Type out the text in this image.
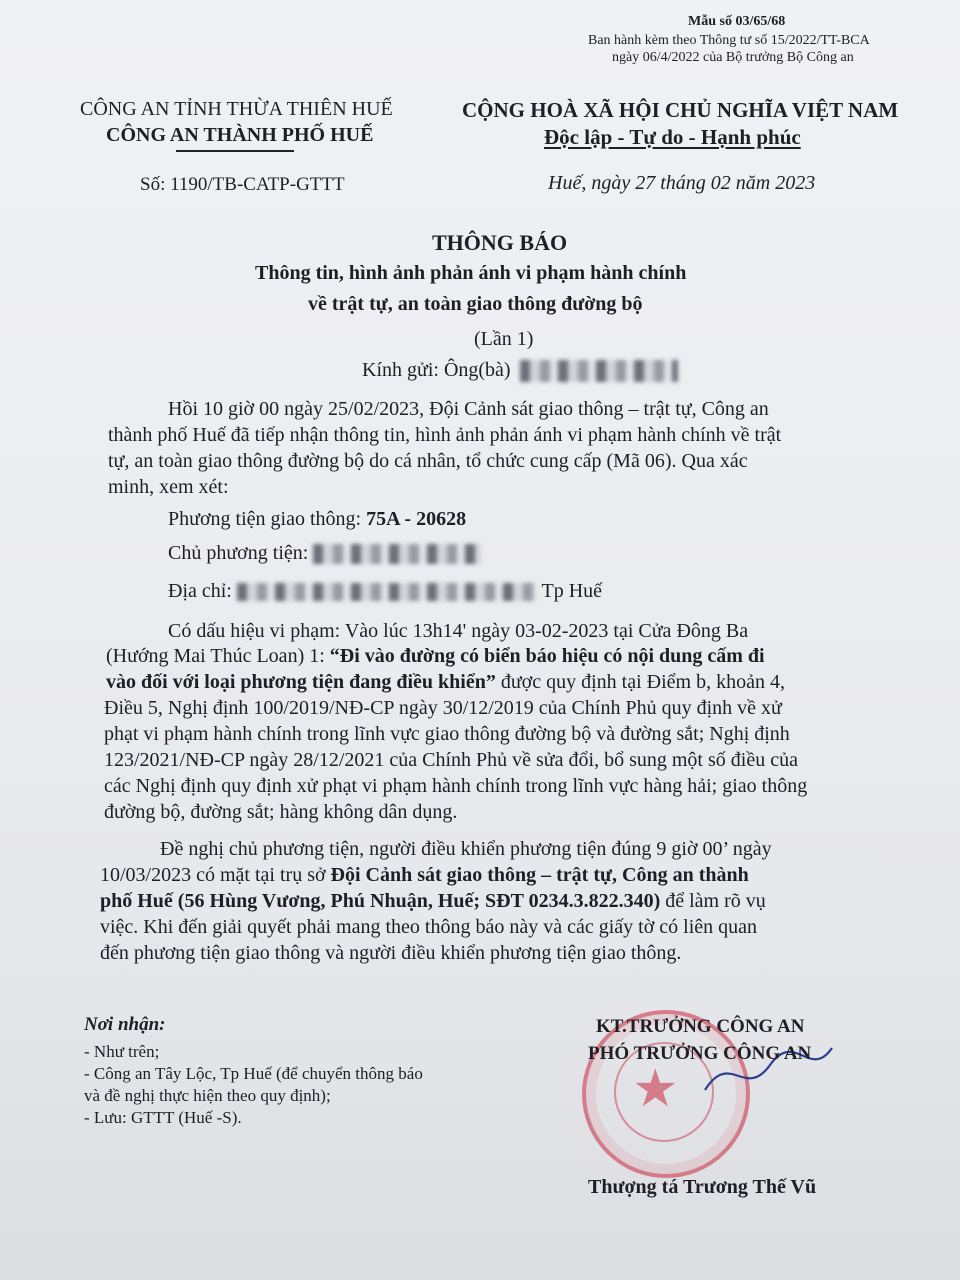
Mẫu số 03/65/68
Ban hành kèm theo Thông tư số 15/2022/TT-BCA
ngày 06/4/2022 của Bộ trưởng Bộ Công an
CÔNG AN TỈNH THỪA THIÊN HUẾ
CÔNG AN THÀNH PHỐ HUẾ
CỘNG HOÀ XÃ HỘI CHỦ NGHĨA VIỆT NAM
Độc lập - Tự do - Hạnh phúc
Số: 1190/TB-CATP-GTTT	Huế, ngày 27 tháng 02 năm 2023
THÔNG BÁO
Thông tin, hình ảnh phản ánh vi phạm hành chính
về trật tự, an toàn giao thông đường bộ
(Lần 1)
Kính gửi: Ông(bà)
Hồi 10 giờ 00 ngày 25/02/2023, Đội Cảnh sát giao thông – trật tự, Công an
thành phố Huế đã tiếp nhận thông tin, hình ảnh phản ánh vi phạm hành chính về trật
tự, an toàn giao thông đường bộ do cá nhân, tổ chức cung cấp (Mã 06). Qua xác
minh, xem xét:
Phương tiện giao thông: 75A - 20628
Chủ phương tiện:
Địa chỉ:	Tp Huế
Có dấu hiệu vi phạm: Vào lúc 13h14' ngày 03-02-2023 tại Cửa Đông Ba
(Hướng Mai Thúc Loan) 1: “Đi vào đường có biển báo hiệu có nội dung cấm đi
vào đối với loại phương tiện đang điều khiển” được quy định tại Điểm b, khoản 4,
Điều 5, Nghị định 100/2019/NĐ-CP ngày 30/12/2019 của Chính Phủ quy định về xử
phạt vi phạm hành chính trong lĩnh vực giao thông đường bộ và đường sắt; Nghị định
123/2021/NĐ-CP ngày 28/12/2021 của Chính Phủ về sửa đổi, bổ sung một số điều của
các Nghị định quy định xử phạt vi phạm hành chính trong lĩnh vực hàng hải; giao thông
đường bộ, đường sắt; hàng không dân dụng.
Đề nghị chủ phương tiện, người điều khiển phương tiện đúng 9 giờ 00’ ngày
10/03/2023 có mặt tại trụ sở Đội Cảnh sát giao thông – trật tự, Công an thành
phố Huế (56 Hùng Vương, Phú Nhuận, Huế; SĐT 0234.3.822.340) để làm rõ vụ
việc. Khi đến giải quyết phải mang theo thông báo này và các giấy tờ có liên quan
đến phương tiện giao thông và người điều khiển phương tiện giao thông.
Nơi nhận:
- Như trên;
- Công an Tây Lộc, Tp Huế (để chuyển thông báo
và đề nghị thực hiện theo quy định);
- Lưu: GTTT (Huế -S).	★
KT.TRƯỞNG CÔNG AN
PHÓ TRƯỞNG CÔNG AN
Thượng tá Trương Thế Vũ
